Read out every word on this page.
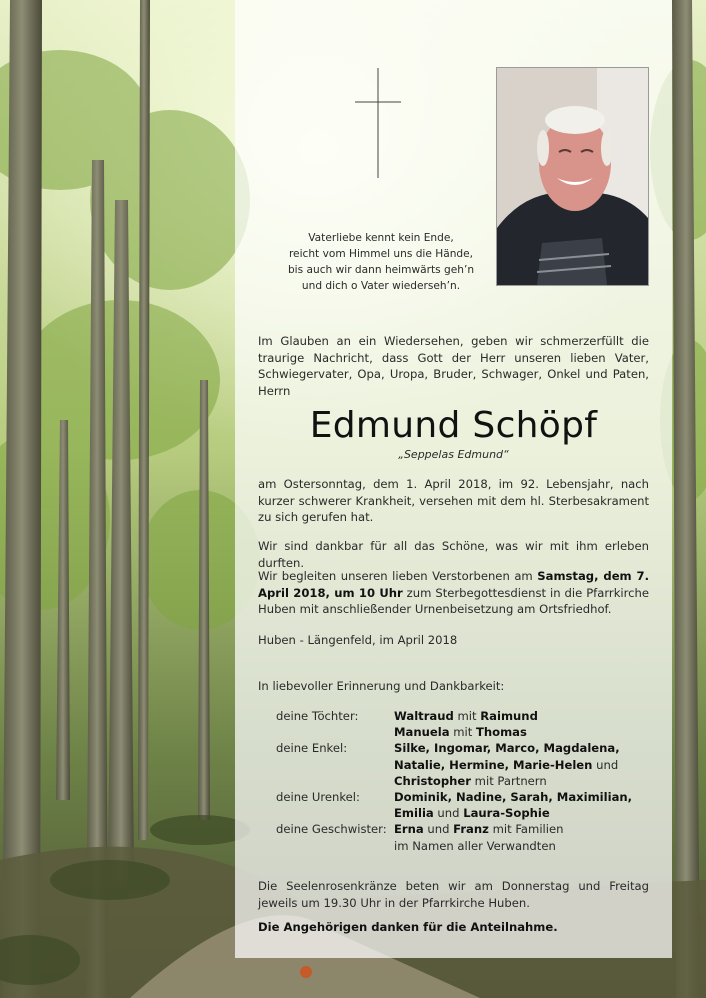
Vaterliebe kennt kein Ende,
reicht vom Himmel uns die Hände,
bis auch wir dann heimwärts geh’n
und dich o Vater wiederseh’n.
Im Glauben an ein Wiedersehen, geben wir schmerzerfüllt die traurige Nachricht, dass Gott der Herr unseren lieben Vater, Schwiegervater, Opa, Uropa, Bruder, Schwager, Onkel und Paten, Herrn
Edmund Schöpf
„Seppelas Edmund“
am Ostersonntag, dem 1. April 2018, im 92. Lebensjahr, nach kurzer schwerer Krankheit, versehen mit dem hl. Sterbesakrament zu sich gerufen hat.
Wir sind dankbar für all das Schöne, was wir mit ihm erleben durften.
Wir begleiten unseren lieben Verstorbenen am Samstag, dem 7. April 2018, um 10 Uhr zum Sterbegottesdienst in die Pfarrkirche Huben mit anschließender Urnenbeisetzung am Ortsfriedhof.
Huben - Längenfeld, im April 2018
In liebevoller Erinnerung und Dankbarkeit:
deine Töchter:	Waltraud mit Raimund
Manuela mit Thomas
deine Enkel:	Silke, Ingomar, Marco, Magdalena, Natalie, Hermine, Marie-Helen und Christopher mit Partnern
deine Urenkel:	Dominik, Nadine, Sarah, Maximilian, Emilia und Laura-Sophie
deine Geschwister: Erna und Franz mit Familien
im Namen aller Verwandten
Die Seelenrosenkränze beten wir am Donnerstag und Freitag jeweils um 19.30 Uhr in der Pfarrkirche Huben.
Die Angehörigen danken für die Anteilnahme.
